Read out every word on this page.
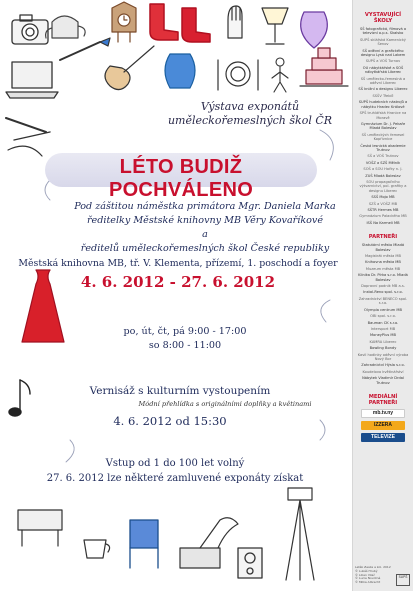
Výstava exponátů
uměleckořemeslných škol ČR
LÉTO BUDIŽ POCHVÁLENO
Pod záštitou náměstka primátora Mgr. Daniela Marka
ředitelky Městské knihovny MB Věry Kovaříkové
a
ředitelů uměleckořemeslných škol České republiky
Městská knihovna MB, tř. V. Klementa, přízemí, 1. poschodí a foyer
4. 6. 2012 - 27. 6. 2012
po, út, čt, pá 9:00 - 17:00
so 8:00 - 11:00
Vernisáž s kulturním vystoupením
Módní přehlídka s originálními doplňky a květinami
4. 6. 2012 od 15:30
Vstup od 1 do 100 let volný
27. 6. 2012 lze některé zamluvené exponáty získat
VYSTAVUJÍCÍ ŠKOLY
SŠ fotografická, filmová a televizní o.p.s. Skalsko
SUPŠ sklářská Kamenický Šenov
SŠ oděvní a grafického designu Lysá nad Labem
SUPŠ a VOŠ Turnov
OU nábytkářské a SOŠ nábytkářská Liberec
SŠ umělecko-řemeslná a oděvní Liberec
SŠ knižní a designu Liberec
SSŠV Třebíč
SUPŠ hudebních nástrojů a nábytku Hradec Králové
SPŠ truhlářská Hranice na Moravě
Gymnázium Dr. J. Pekaře Mladá Boleslav
SŠ uměleckých řemesel Kopřivnice
Česká lesnická akademie Trutnov
SŠ a VOŠ Trutnov
VOŠZ a SZŠ Mělník
SOŠ a SOU Hořky n. J.
ZUŠ Mladá Boleslav
SOU propagačního výtvarnictví, pol. grafiky a designu Liberec
SSŠ Mojo MB
SZŠ a VOŠZ MB
SŠTR Hermes MB
Gymnázium Palackého MB
ISŠ Na Karmeli MB
PARTNEŘI
Statutární město Mladá Boleslav
Magistrát města MB
Knihovna města MB
Muzeum města MB
Klinika Dr. Pírka s.r.o. Mladá Boleslav
Dopravní podnik MB a.s.
Instal-Reno spol. s.r.o.
Zahradnictví BENECO spol. s.r.o.
Olympia centrum MB
OBI spol. s.r.o.
Bauman CK s.r.o.
Intersport MB
MoneyPlus MB
KAMRA Liberec
Bowling Bondy
Kavil hodinky oděvní výroba Nový Bor
Zahradnictví Hýsla s.r.o.
Koudelovo květinářství
Nábytek Vladimír Drdal Trutnov
MEDIÁLNÍ PARTNEŘI
mb.tv.ny
IZZERA
TELEVIZE
Leták Zesila a kol. 2012
© Lukáš Hrubý
© Lilian Vilač
© Lucie Novotná
© Milka Albrecht
SUPŠ
